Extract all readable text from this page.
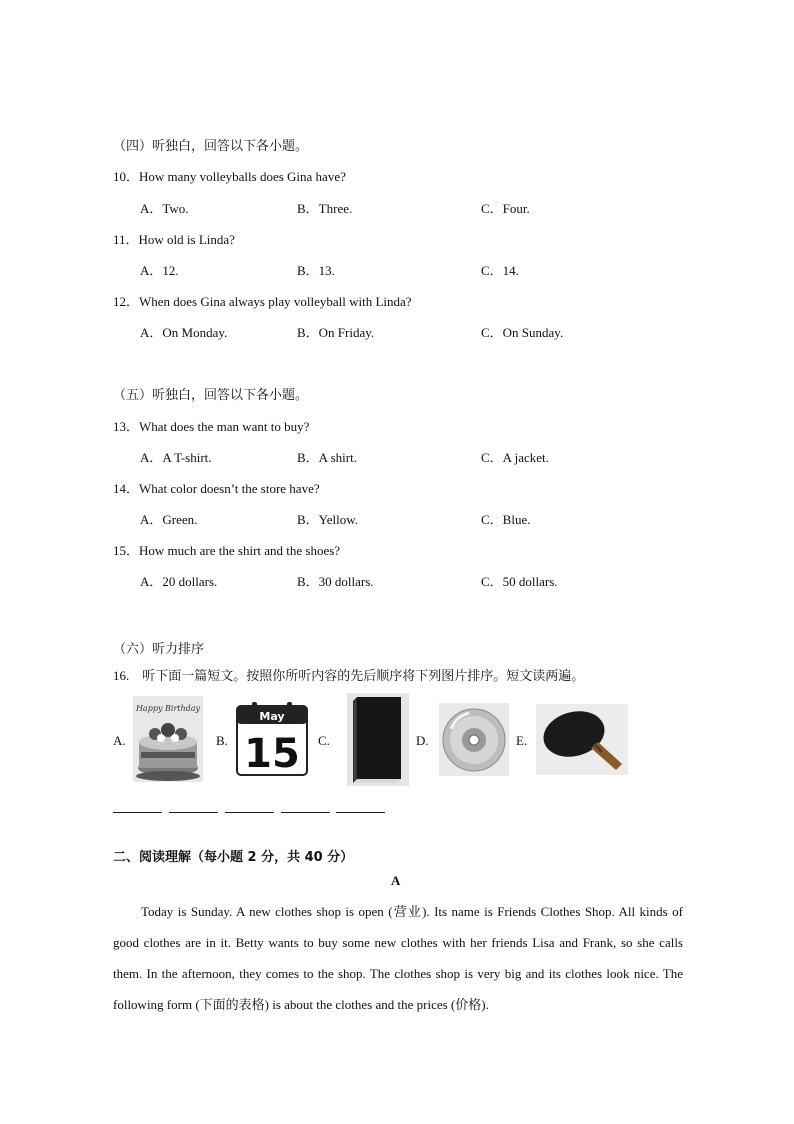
（四）听独白，回答以下各小题。
10．How many volleyballs does Gina have?
A．Two.	B．Three.	C．Four.
11．How old is Linda?
A．12.	B．13.	C．14.
12．When does Gina always play volleyball with Linda?
A．On Monday.	B．On Friday.	C．On Sunday.
（五）听独白，回答以下各小题。
13．What does the man want to buy?
A．A T-shirt.	B．A shirt.	C．A jacket.
14．What color doesn’t the store have?
A．Green.	B．Yellow.	C．Blue.
15．How much are the shirt and the shoes?
A．20 dollars.	B．30 dollars.	C．50 dollars.
（六）听力排序
16.　听下面一篇短文。按照你所听内容的先后顺序将下列图片排序。短文读两遍。
A.
Happy Birthday
B.
May
15 C.	D.	E.
二、阅读理解（每小题 2 分，共 40 分）
A
Today is Sunday. A new clothes shop is open (营业). Its name is Friends Clothes Shop. All kinds of good clothes are in it. Betty wants to buy some new clothes with her friends Lisa and Frank, so she calls them. In the afternoon, they comes to the shop. The clothes shop is very big and its clothes look nice. The following form (下面的表格) is about the clothes and the prices (价格).
